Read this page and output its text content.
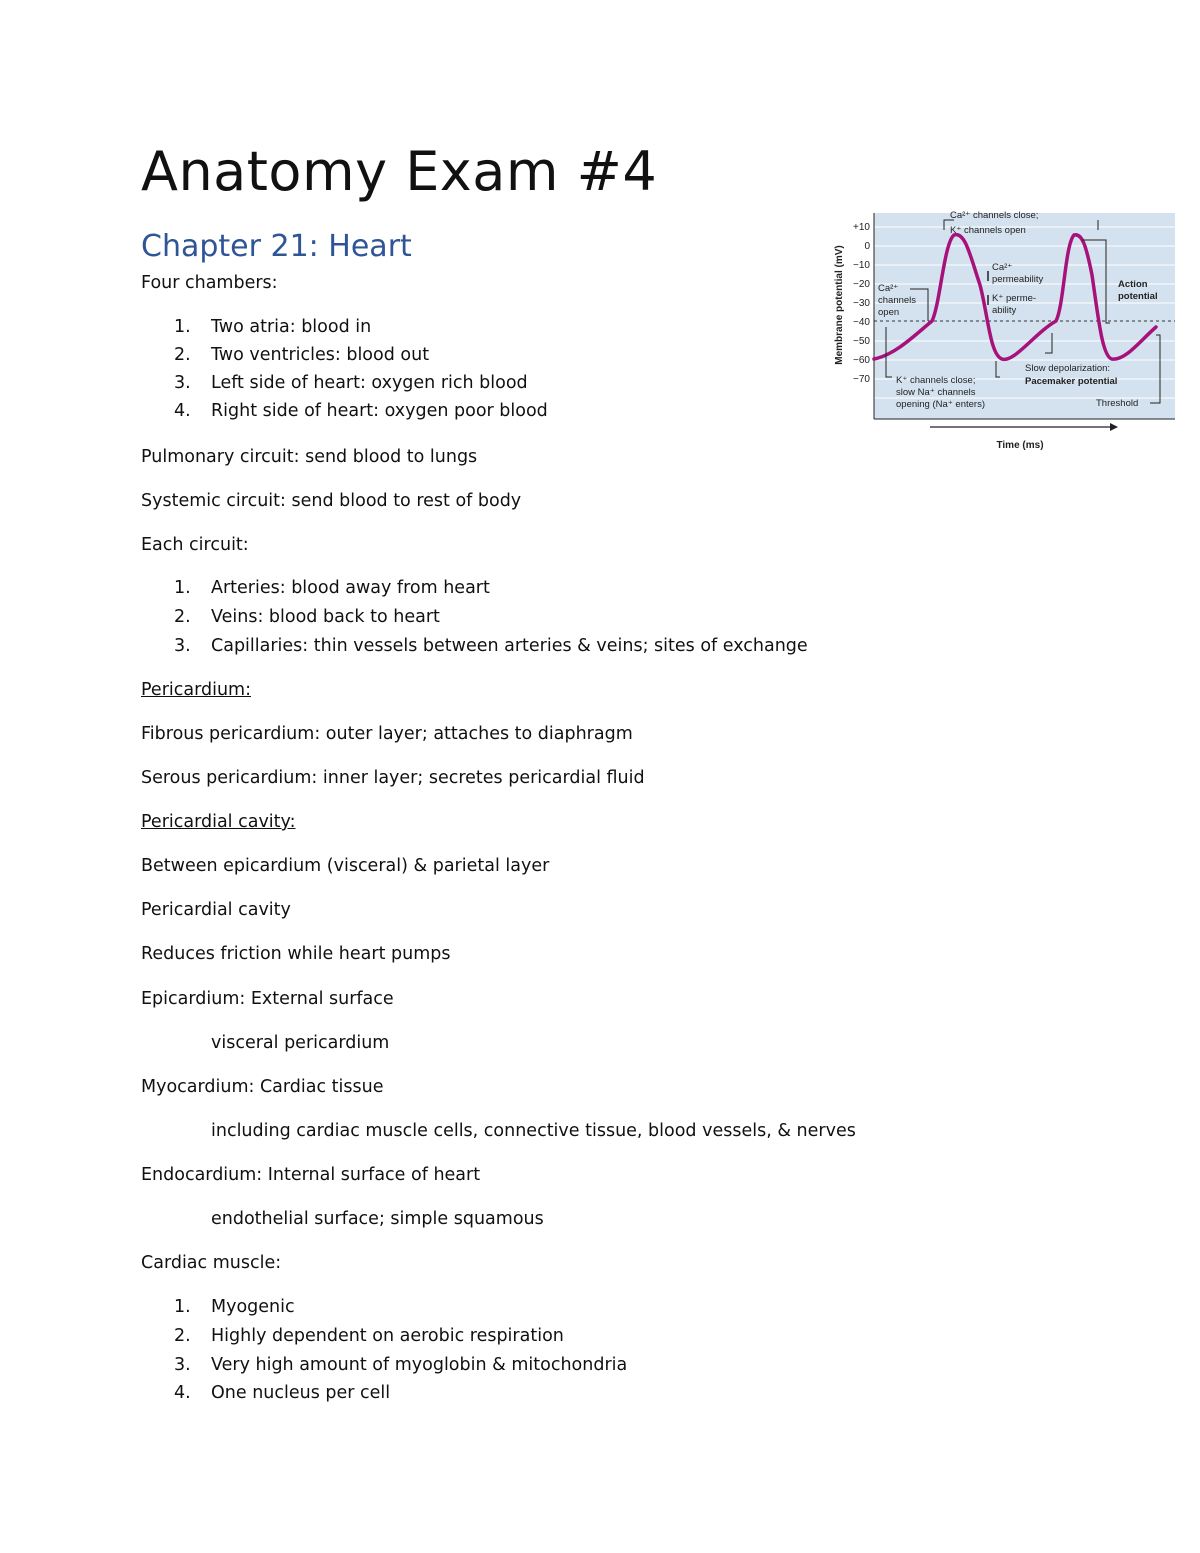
Anatomy Exam #4
Chapter 21: Heart

Four chambers:

1. Two atria: blood in
2. Two ventricles: blood out
3. Left side of heart: oxygen rich blood
4. Right side of heart: oxygen poor blood

Pulmonary circuit: send blood to lungs

Systemic circuit: send blood to rest of body

Each circuit:

1. Arteries: blood away from heart
2. Veins: blood back to heart
3. Capillaries: thin vessels between arteries & veins; sites of exchange

Pericardium:

Fibrous pericardium: outer layer; attaches to diaphragm

Serous pericardium: inner layer; secretes pericardial fluid

Pericardial cavity:

Between epicardium (visceral) & parietal layer

Pericardial cavity

Reduces friction while heart pumps

Epicardium: External surface

visceral pericardium

Myocardium: Cardiac tissue

including cardiac muscle cells, connective tissue, blood vessels, & nerves

Endocardium: Internal surface of heart

endothelial surface; simple squamous

Cardiac muscle:

1. Myogenic
2. Highly dependent on aerobic respiration
3. Very high amount of myoglobin & mitochondria
4. One nucleus per cell
+10
0
−10
−20
−30
−40
−50
−60
−70
Membrane potential (mV)
Ca²⁺ channels close;
K⁺ channels open
Ca²⁺
permeability
K⁺ perme-
ability
Ca²⁺
channels
open
Action
potential
Slow depolarization:
Pacemaker potential
K⁺ channels close;
slow Na⁺ channels
opening (Na⁺ enters)	Threshold
Time (ms)
